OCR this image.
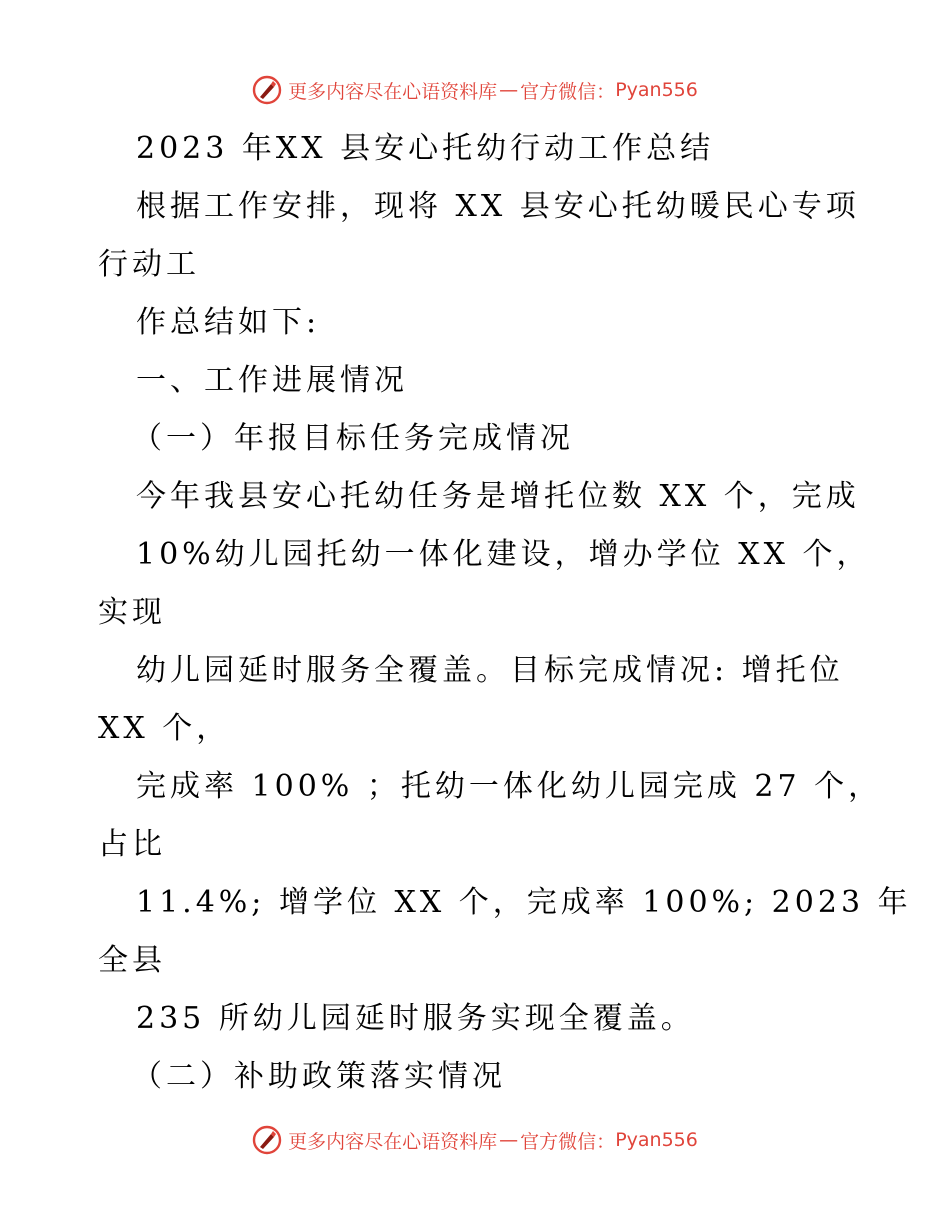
更多内容尽在心语资料库 — 官方微信： Pyan556
2023 年XX 县安心托幼行动工作总结
根据工作安排，现将 XX 县安心托幼暖民心专项
行动工
作总结如下:
一、工作进展情况
（一）年报目标任务完成情况
今年我县安心托幼任务是增托位数 XX 个，完成
10%幼儿园托幼一体化建设，增办学位 XX 个，
实现
幼儿园延时服务全覆盖。目标完成情况: 增托位
XX 个，
完成率 100% ；托幼一体化幼儿园完成 27 个，
占比
11.4%; 增学位 XX 个，完成率 100%; 2023 年
全县
235 所幼儿园延时服务实现全覆盖。
（二）补助政策落实情况
更多内容尽在心语资料库 — 官方微信： Pyan556
